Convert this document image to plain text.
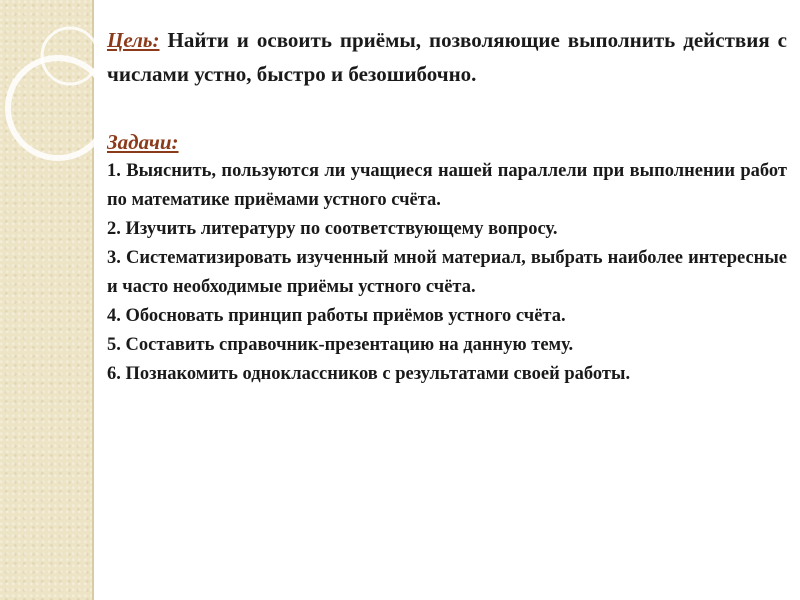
Цель: Найти и освоить приёмы, позволяющие выполнить действия с числами устно, быстро и безошибочно.

Задачи:
1. Выяснить, пользуются ли учащиеся нашей параллели при выполнении работ по математике приёмами устного счёта.
2. Изучить литературу по соответствующему вопросу.
3. Систематизировать изученный мной материал, выбрать наиболее интересные и часто необходимые приёмы устного счёта.
4. Обосновать принцип работы приёмов устного счёта.
5. Составить справочник-презентацию на данную тему.
6. Познакомить одноклассников с результатами своей работы.
